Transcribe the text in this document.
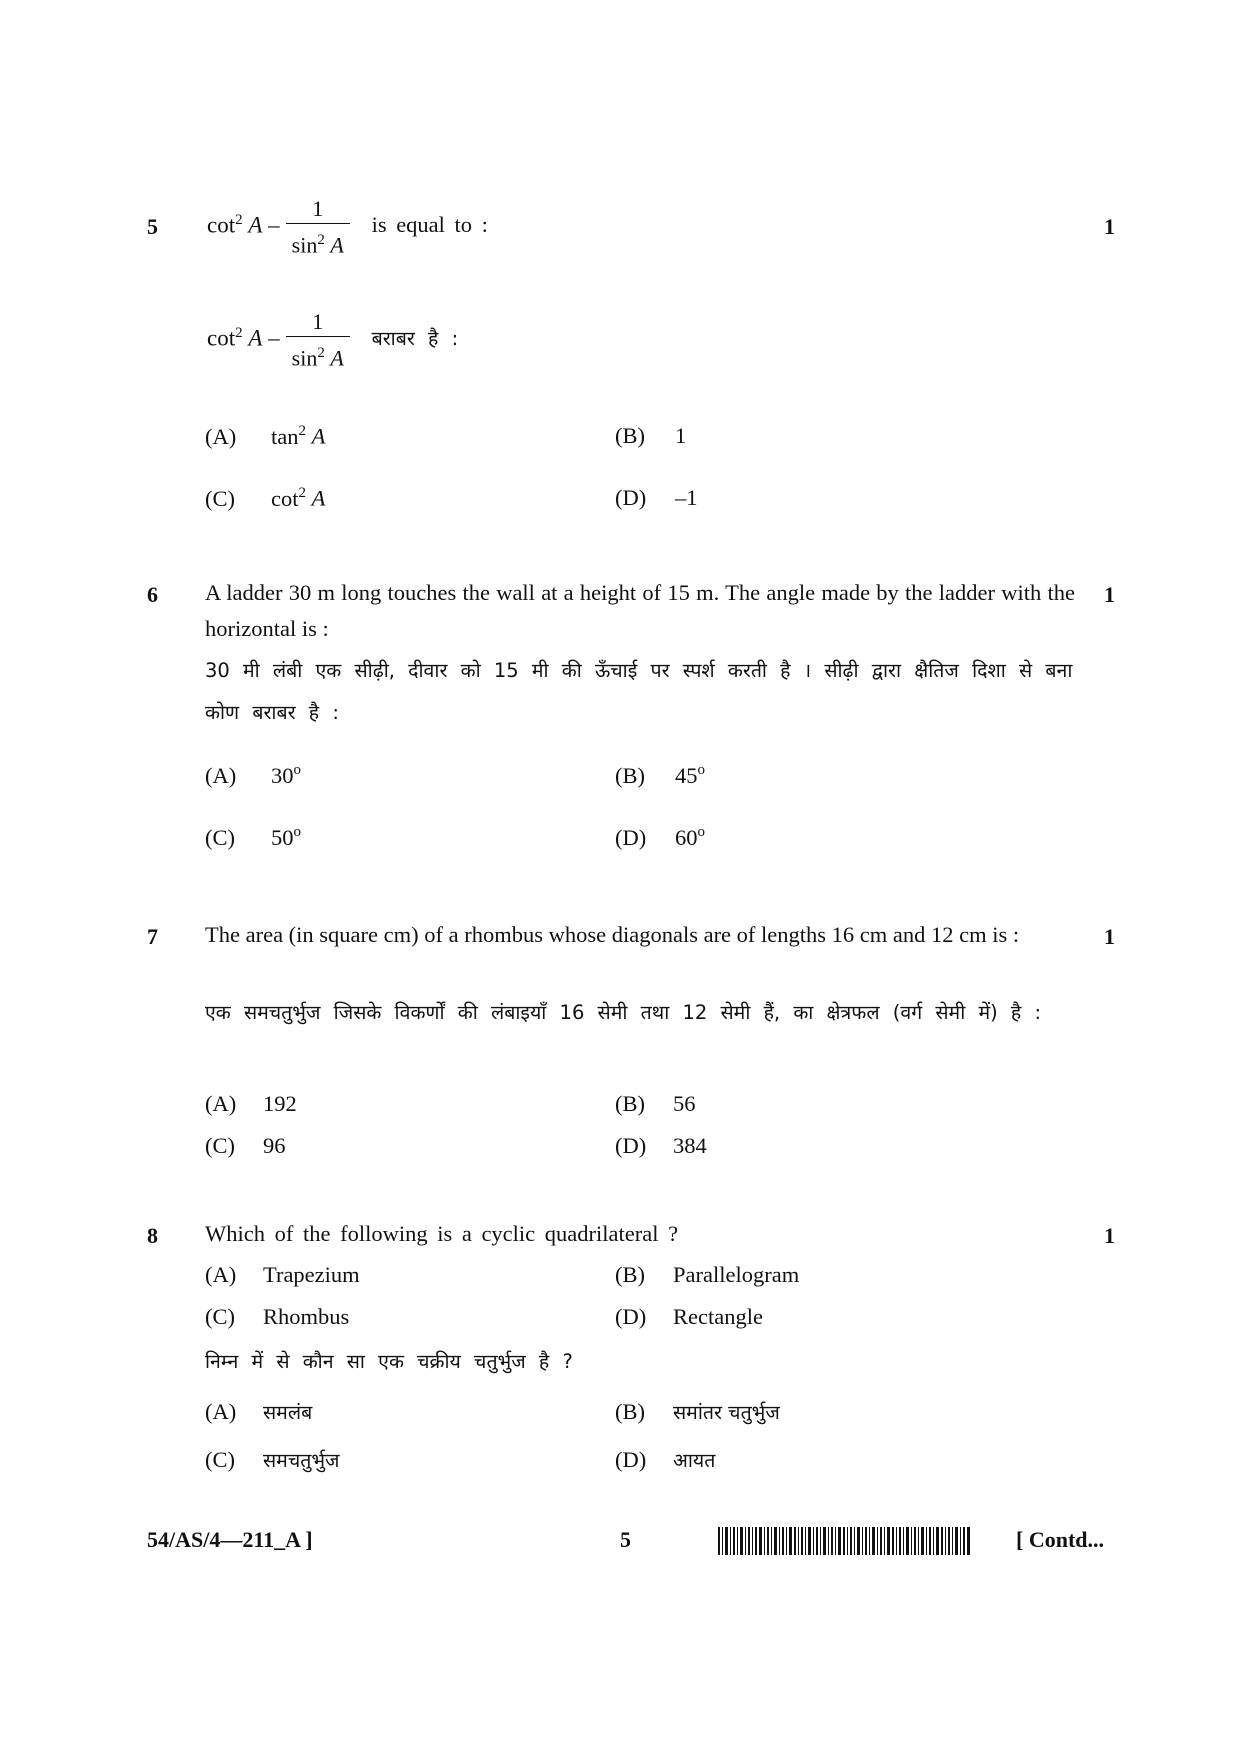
5	1
$\cot^2 A - \frac{1}{\sin^2 A}$ is equal to :
$\cot^2 A - \frac{1}{\sin^2 A}$ बराबर है :
(A) $\tan^2 A$	(B) 1
(C) $\cot^2 A$	(D) –1
6	1
A ladder 30 m long touches the wall at a height of 15 m. The angle made by the ladder with the horizontal is :
30 मी लंबी एक सीढ़ी, दीवार को 15 मी की ऊँचाई पर स्पर्श करती है । सीढ़ी द्वारा क्षैतिज दिशा से बना कोण बराबर है :
(A) 30$^o$	(B) 45$^o$
(C) 50$^o$	(D) 60$^o$
7	1
The area (in square cm) of a rhombus whose diagonals are of lengths 16 cm and 12 cm is :
एक समचतुर्भुज जिसके विकर्णों की लंबाइयाँ 16 सेमी तथा 12 सेमी हैं, का क्षेत्रफल (वर्ग सेमी में) है :
(A) 192	(B) 56
(C) 96	(D) 384
8	1
Which of the following is a cyclic quadrilateral ?
(A) Trapezium	(B) Parallelogram
(C) Rhombus	(D) Rectangle
निम्न में से कौन सा एक चक्रीय चतुर्भुज है ?
(A) समलंब	(B) समांतर चतुर्भुज
(C) समचतुर्भुज	(D) आयत
54/AS/4—211_A ]	5	[ Contd...
